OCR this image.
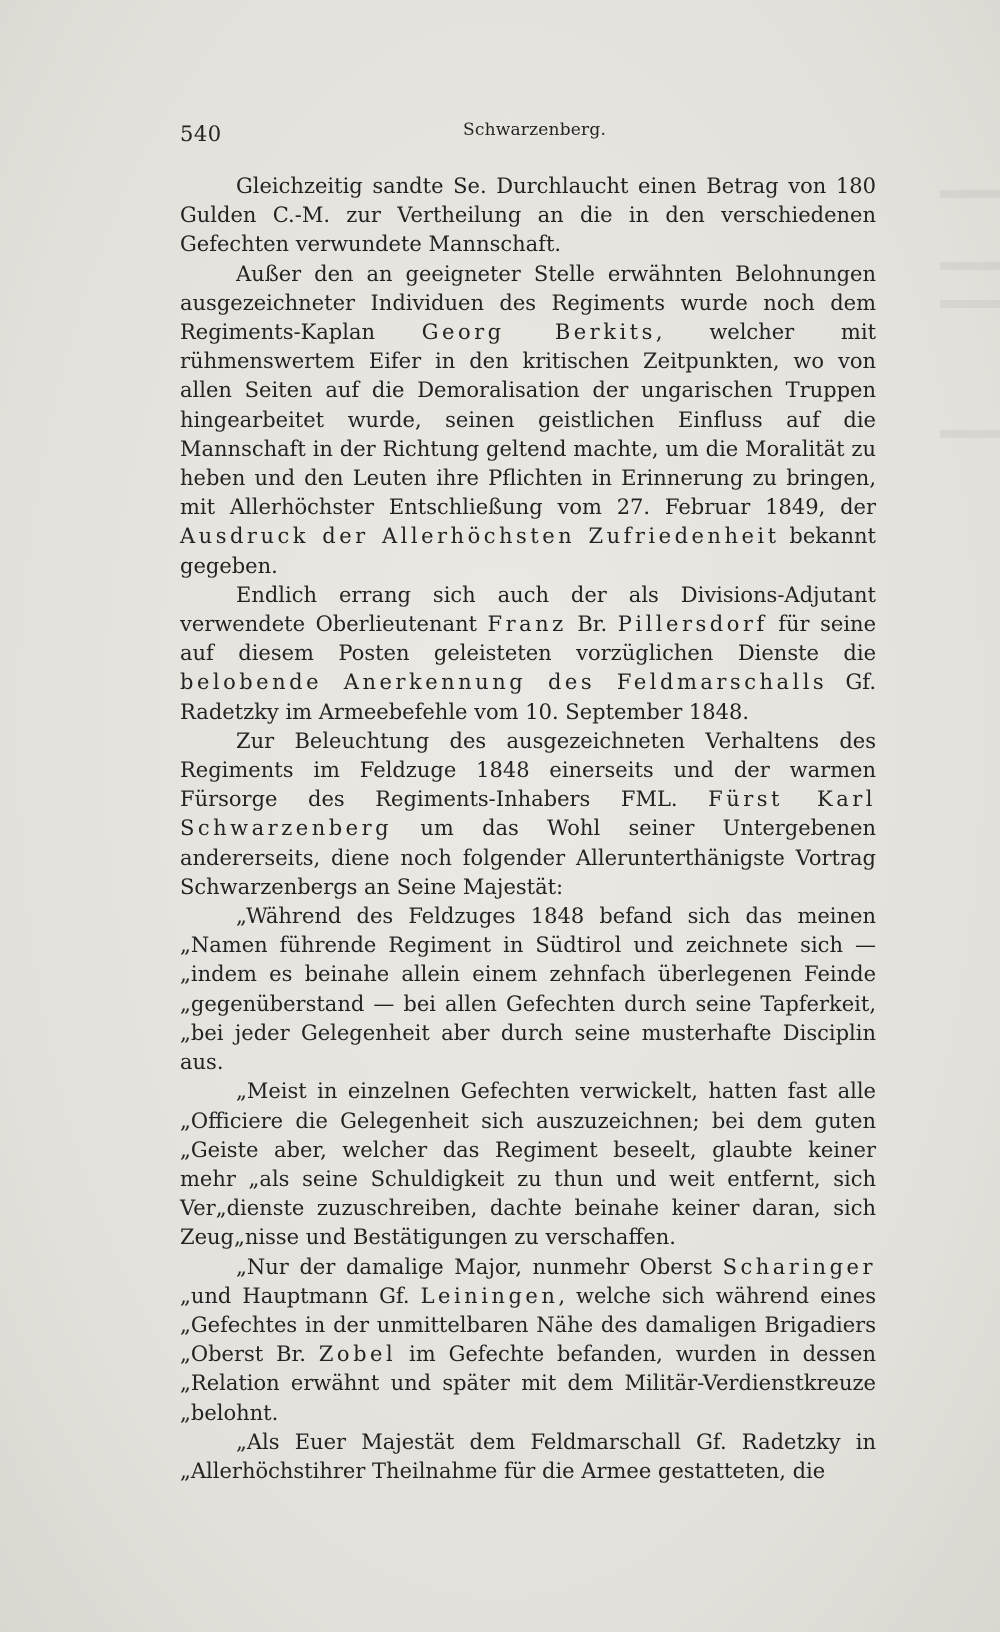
540	Schwarzenberg.

Gleichzeitig sandte Se. Durchlaucht einen Betrag von 180 Gulden C.-M. zur Vertheilung an die in den verschiedenen Gefechten verwundete Mannschaft.

Außer den an geeigneter Stelle erwähnten Belohnungen ausgezeichneter Individuen des Regiments wurde noch dem Regiments-Kaplan Georg Berkits, welcher mit rühmenswertem Eifer in den kritischen Zeitpunkten, wo von allen Seiten auf die Demoralisation der ungarischen Truppen hingearbeitet wurde, seinen geistlichen Einfluss auf die Mannschaft in der Richtung geltend machte, um die Moralität zu heben und den Leuten ihre Pflichten in Erinnerung zu bringen, mit Allerhöchster Entschließung vom 27. Februar 1849, der Ausdruck der Allerhöchsten Zufriedenheit bekannt gegeben.

Endlich errang sich auch der als Divisions-Adjutant verwendete Oberlieutenant Franz Br. Pillersdorf für seine auf diesem Posten geleisteten vorzüglichen Dienste die belobende Anerkennung des Feldmarschalls Gf. Radetzky im Armeebefehle vom 10. September 1848.

Zur Beleuchtung des ausgezeichneten Verhaltens des Regiments im Feldzuge 1848 einerseits und der warmen Fürsorge des Regiments-Inhabers FML. Fürst Karl Schwarzenberg um das Wohl seiner Untergebenen andererseits, diene noch folgender Allerunterthänigste Vortrag Schwarzenbergs an Seine Majestät:

„Während des Feldzuges 1848 befand sich das meinen „Namen führende Regiment in Südtirol und zeichnete sich — „indem es beinahe allein einem zehnfach überlegenen Feinde „gegenüberstand — bei allen Gefechten durch seine Tapferkeit, „bei jeder Gelegenheit aber durch seine musterhafte Disciplin aus.

„Meist in einzelnen Gefechten verwickelt, hatten fast alle „Officiere die Gelegenheit sich auszuzeichnen; bei dem guten „Geiste aber, welcher das Regiment beseelt, glaubte keiner mehr „als seine Schuldigkeit zu thun und weit entfernt, sich Ver„dienste zuzuschreiben, dachte beinahe keiner daran, sich Zeug„nisse und Bestätigungen zu verschaffen.

„Nur der damalige Major, nunmehr Oberst Scharinger „und Hauptmann Gf. Leiningen, welche sich während eines „Gefechtes in der unmittelbaren Nähe des damaligen Brigadiers „Oberst Br. Zobel im Gefechte befanden, wurden in dessen „Relation erwähnt und später mit dem Militär-Verdienstkreuze „belohnt.

„Als Euer Majestät dem Feldmarschall Gf. Radetzky in „Allerhöchstihrer Theilnahme für die Armee gestatteten, die
